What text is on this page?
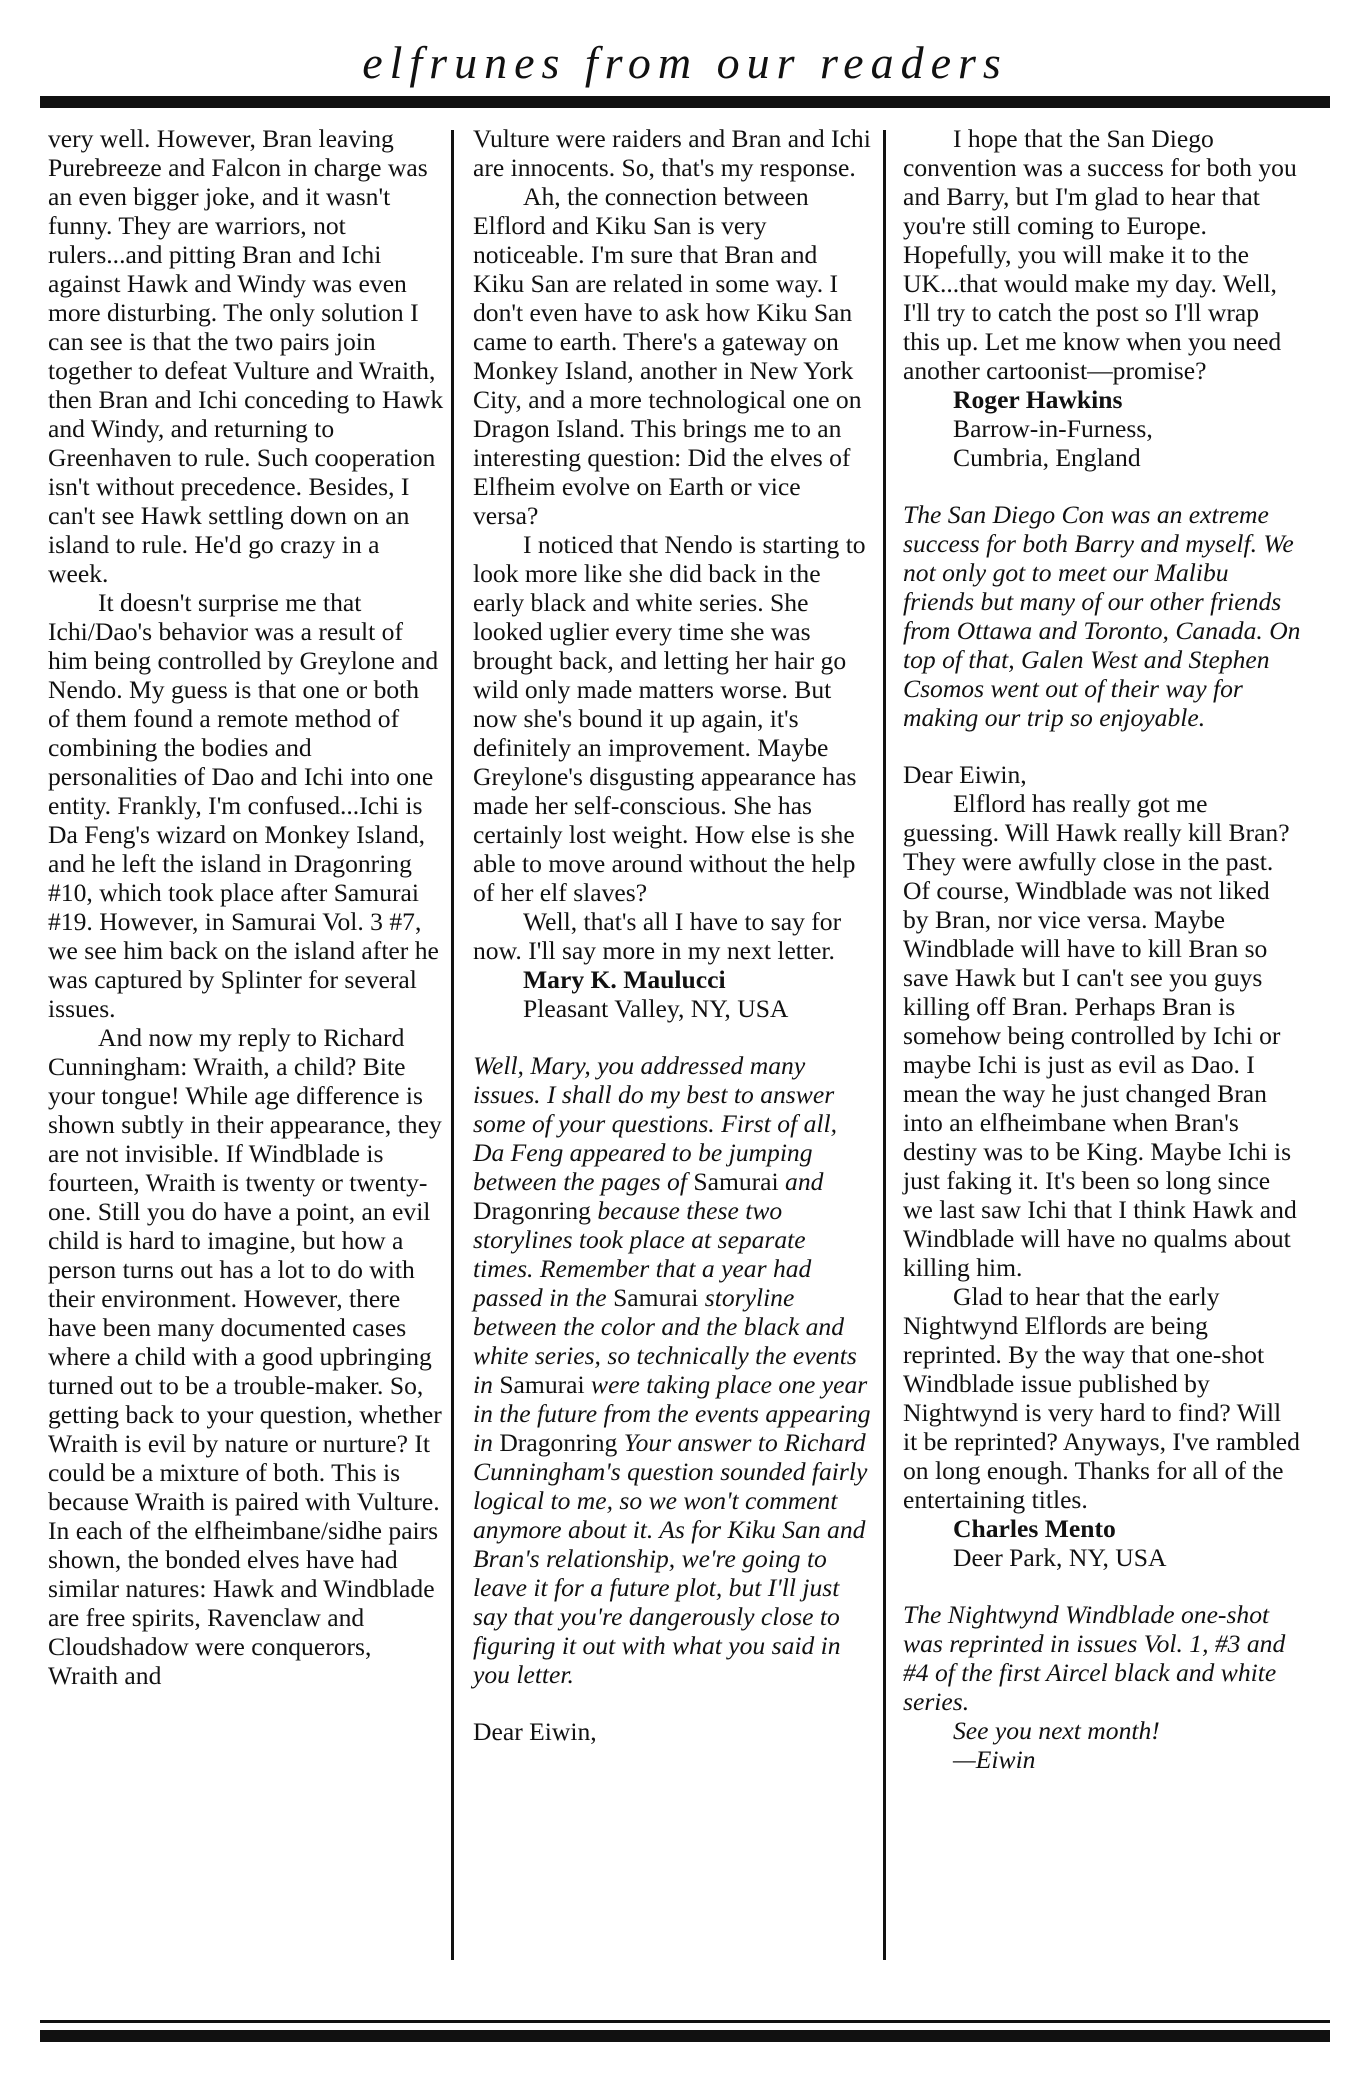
elfrunes from our readers

very well. However, Bran leaving Purebreeze and Falcon in charge was an even bigger joke, and it wasn't funny. They are warriors, not rulers...and pitting Bran and Ichi against Hawk and Windy was even more disturbing. The only solution I can see is that the two pairs join together to defeat Vulture and Wraith, then Bran and Ichi conceding to Hawk and Windy, and returning to Greenhaven to rule. Such cooperation isn't without precedence. Besides, I can't see Hawk settling down on an island to rule. He'd go crazy in a week.

It doesn't surprise me that Ichi/Dao's behavior was a result of him being controlled by Greylone and Nendo. My guess is that one or both of them found a remote method of combining the bodies and personalities of Dao and Ichi into one entity. Frankly, I'm confused...Ichi is Da Feng's wizard on Monkey Island, and he left the island in Dragonring #10, which took place after Samurai #19. However, in Samurai Vol. 3 #7, we see him back on the island after he was captured by Splinter for several issues.

And now my reply to Richard Cunningham: Wraith, a child? Bite your tongue! While age difference is shown subtly in their appearance, they are not invisible. If Windblade is fourteen, Wraith is twenty or twenty-one. Still you do have a point, an evil child is hard to imagine, but how a person turns out has a lot to do with their environment. However, there have been many documented cases where a child with a good upbringing turned out to be a trouble-maker. So, getting back to your question, whether Wraith is evil by nature or nurture? It could be a mixture of both. This is because Wraith is paired with Vulture. In each of the elfheimbane/sidhe pairs shown, the bonded elves have had similar natures: Hawk and Windblade are free spirits, Ravenclaw and Cloudshadow were conquerors, Wraith and

Vulture were raiders and Bran and Ichi are innocents. So, that's my response.

Ah, the connection between Elflord and Kiku San is very noticeable. I'm sure that Bran and Kiku San are related in some way. I don't even have to ask how Kiku San came to earth. There's a gateway on Monkey Island, another in New York City, and a more technological one on Dragon Island. This brings me to an interesting question: Did the elves of Elfheim evolve on Earth or vice versa?

I noticed that Nendo is starting to look more like she did back in the early black and white series. She looked uglier every time she was brought back, and letting her hair go wild only made matters worse. But now she's bound it up again, it's definitely an improvement. Maybe Greylone's disgusting appearance has made her self-conscious. She has certainly lost weight. How else is she able to move around without the help of her elf slaves?

Well, that's all I have to say for now. I'll say more in my next letter.

Mary K. Maulucci

Pleasant Valley, NY, USA

Well, Mary, you addressed many issues. I shall do my best to answer some of your questions. First of all, Da Feng appeared to be jumping between the pages of Samurai and Dragonring because these two storylines took place at separate times. Remember that a year had passed in the Samurai storyline between the color and the black and white series, so technically the events in Samurai were taking place one year in the future from the events appearing in Dragonring Your answer to Richard Cunningham's question sounded fairly logical to me, so we won't comment anymore about it. As for Kiku San and Bran's relationship, we're going to leave it for a future plot, but I'll just say that you're dangerously close to figuring it out with what you said in you letter.

Dear Eiwin,

I hope that the San Diego convention was a success for both you and Barry, but I'm glad to hear that you're still coming to Europe. Hopefully, you will make it to the UK...that would make my day. Well, I'll try to catch the post so I'll wrap this up. Let me know when you need another cartoonist—promise?

Roger Hawkins

Barrow-in-Furness,

Cumbria, England

The San Diego Con was an extreme success for both Barry and myself. We not only got to meet our Malibu friends but many of our other friends from Ottawa and Toronto, Canada. On top of that, Galen West and Stephen Csomos went out of their way for making our trip so enjoyable.

Dear Eiwin,

Elflord has really got me guessing. Will Hawk really kill Bran? They were awfully close in the past. Of course, Windblade was not liked by Bran, nor vice versa. Maybe Windblade will have to kill Bran so save Hawk but I can't see you guys killing off Bran. Perhaps Bran is somehow being controlled by Ichi or maybe Ichi is just as evil as Dao. I mean the way he just changed Bran into an elfheimbane when Bran's destiny was to be King. Maybe Ichi is just faking it. It's been so long since we last saw Ichi that I think Hawk and Windblade will have no qualms about killing him.

Glad to hear that the early Nightwynd Elflords are being reprinted. By the way that one-shot Windblade issue published by Nightwynd is very hard to find? Will it be reprinted? Anyways, I've rambled on long enough. Thanks for all of the entertaining titles.

Charles Mento

Deer Park, NY, USA

The Nightwynd Windblade one-shot was reprinted in issues Vol. 1, #3 and #4 of the first Aircel black and white series.

See you next month!

—Eiwin
